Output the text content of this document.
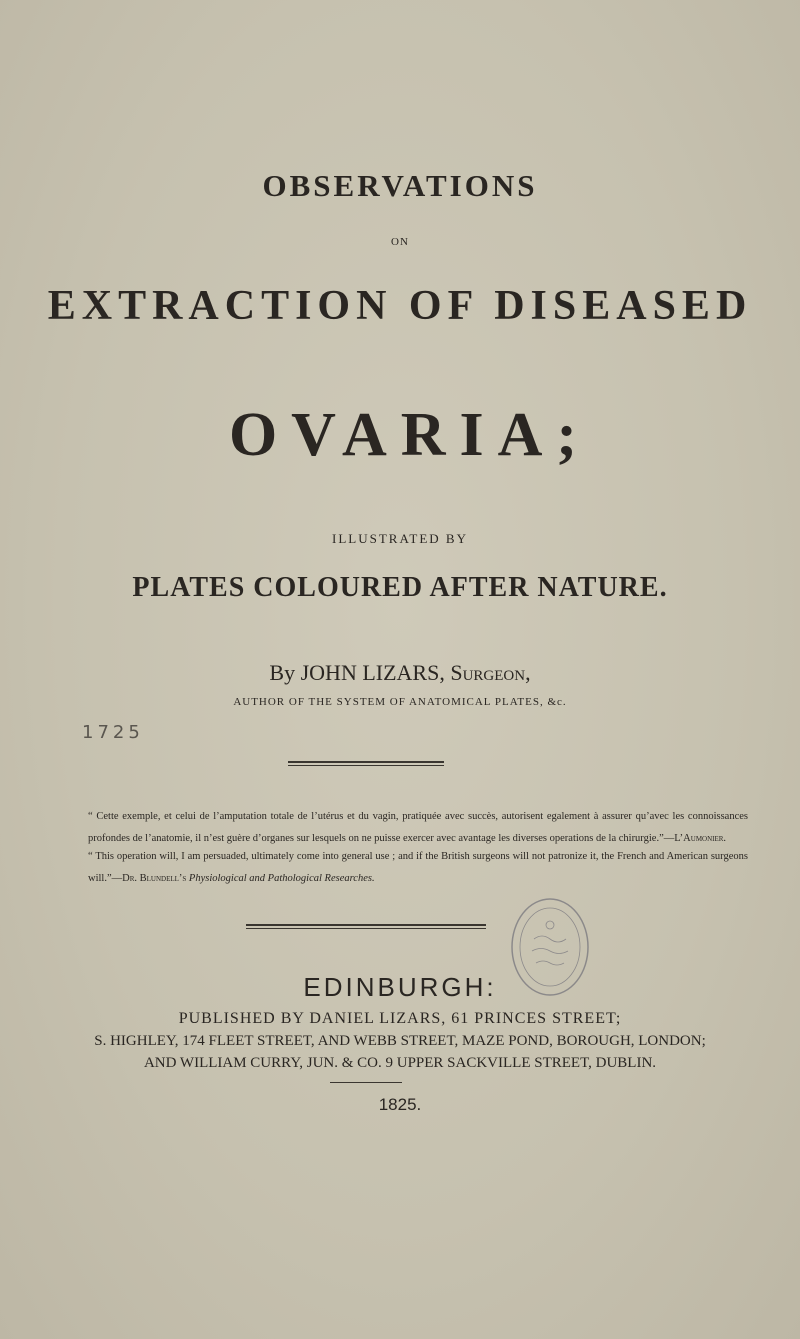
OBSERVATIONS
ON
EXTRACTION OF DISEASED
OVARIA;
ILLUSTRATED BY
PLATES COLOURED AFTER NATURE.
By JOHN LIZARS, Surgeon,
AUTHOR OF THE SYSTEM OF ANATOMICAL PLATES, &c.
1725
“ Cette exemple, et celui de l’amputation totale de l’utérus et du vagin, pratiquée avec succès, autorisent egalement à assurer qu’avec les connoissances profondes de l’anatomie, il n’est guère d’organes sur lesquels on ne puisse exercer avec avantage les diverses operations de la chirurgie.”—L’Aumonier.
“ This operation will, I am persuaded, ultimately come into general use ; and if the British surgeons will not patronize it, the French and American surgeons will.”—Dr. Blundell’s Physiological and Pathological Researches.
EDINBURGH:
PUBLISHED BY DANIEL LIZARS, 61 PRINCES STREET;
S. HIGHLEY, 174 FLEET STREET, AND WEBB STREET, MAZE POND, BOROUGH, LONDON;
AND WILLIAM CURRY, JUN. & CO. 9 UPPER SACKVILLE STREET, DUBLIN.
1825.
